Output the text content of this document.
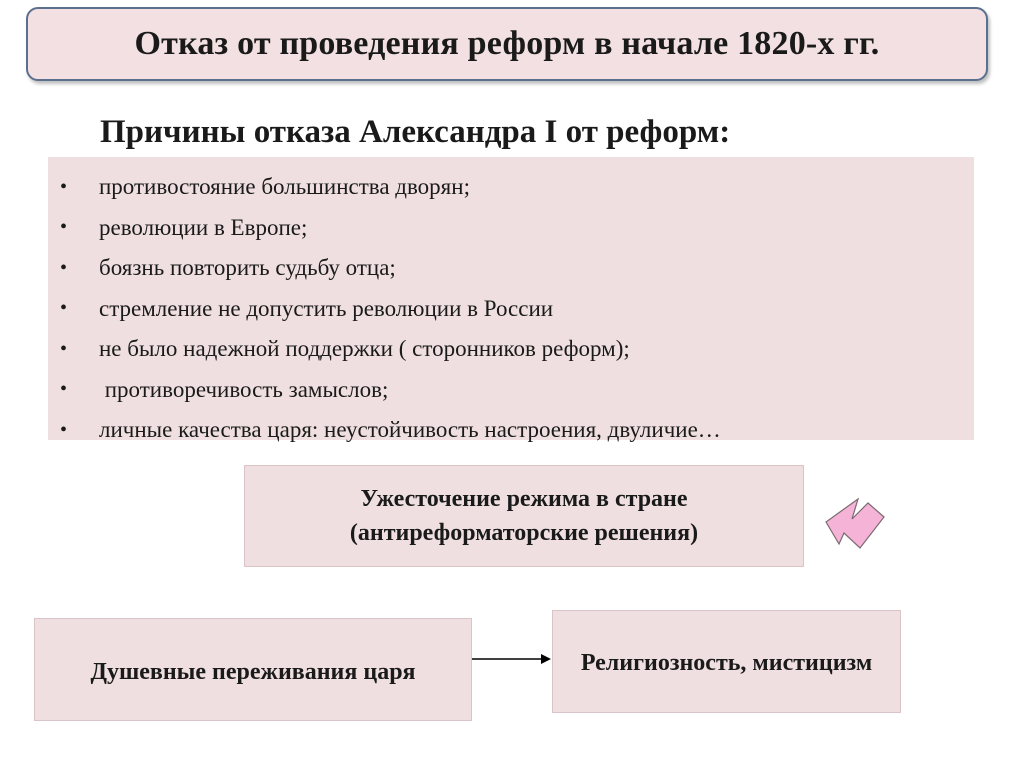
Отказ от проведения реформ в начале 1820-х гг.
Причины отказа Александра I от реформ:
•	противостояние большинства дворян;
•	революции в Европе;
•	боязнь повторить судьбу отца;
•	стремление не допустить революции в России
•	не было надежной поддержки ( сторонников реформ);
•	противоречивость замыслов;
•	личные качества царя: неустойчивость настроения, двуличие…
Ужесточение режима в стране
(антиреформаторские решения)
Душевные переживания царя	Религиозность, мистицизм
